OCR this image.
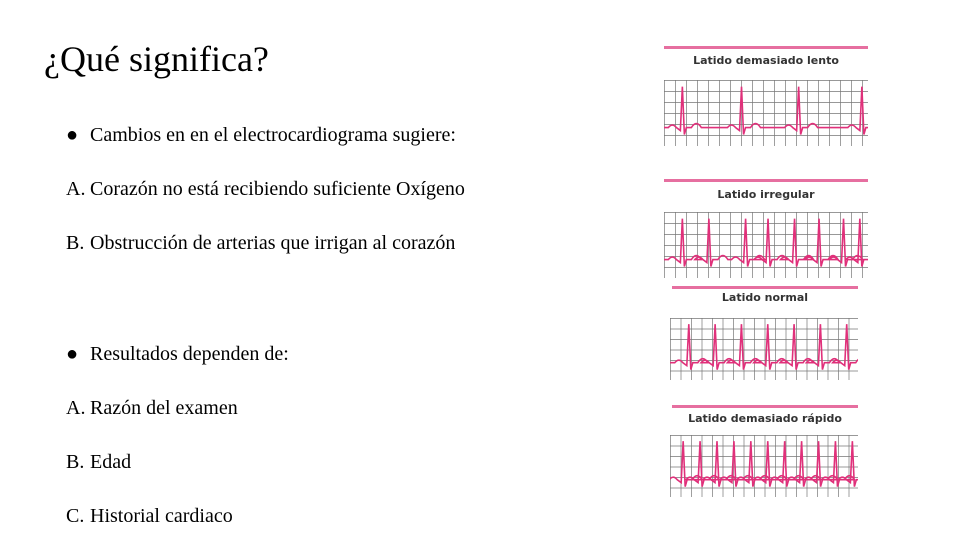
¿Qué significa?
● Cambios en en el electrocardiograma sugiere:
A. Corazón no está recibiendo suficiente Oxígeno
B. Obstrucción de arterias que irrigan al corazón
● Resultados dependen de:
A. Razón del examen
B. Edad
C. Historial cardiaco
Latido demasiado lento
Latido irregular
Latido normal
Latido demasiado rápido
